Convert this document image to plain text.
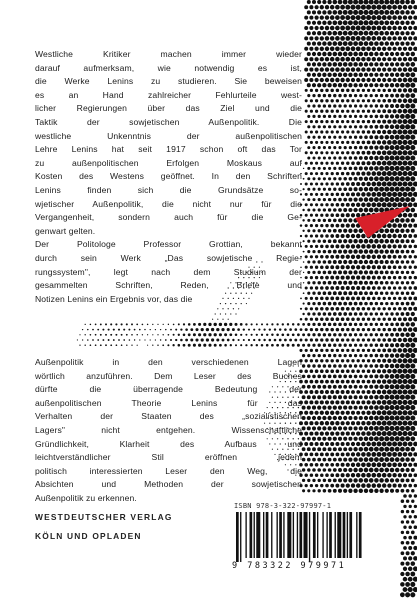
Westliche Kritiker machen immer wieder
darauf aufmerksam, wie notwendig es ist,
die Werke Lenins zu studieren. Sie beweisen
es an Hand zahlreicher Fehlurteile west-
licher Regierungen über das Ziel und die
Taktik der sowjetischen Außenpolitik. Die
westliche Unkenntnis der außenpolitischen
Lehre Lenins hat seit 1917 schon oft das Tor
zu außenpolitischen Erfolgen Moskaus auf
Kosten des Westens geöffnet. In den Schriften
Lenins finden sich die Grundsätze so-
wjetischer Außenpolitik, die nicht nur für die
Vergangenheit, sondern auch für die Ge-
genwart gelten.
Der Politologe Professor Grottian, bekannt
durch sein Werk „Das sowjetische Regie-
rungssystem", legt nach dem Studium der
gesammelten Schriften, Reden, Briefe und
Notizen Lenins ein Ergebnis vor, das die
Außenpolitik in den verschiedenen Lagen
wörtlich anzuführen. Dem Leser des Buches
dürfte die überragende Bedeutung der
außenpolitischen Theorie Lenins für das
Verhalten der Staaten des „sozialistischen
Lagers" nicht entgehen. Wissenschaftliche
Gründlichkeit, Klarheit des Aufbaus und
leichtverständlicher Stil eröffnen jedem
politisch interessierten Leser den Weg, die
Absichten und Methoden der sowjetischen
Außenpolitik zu erkennen.
WESTDEUTSCHER VERLAG
KÖLN UND OPLADEN
ISBN 978-3-322-97997-1
9 783322 979971
